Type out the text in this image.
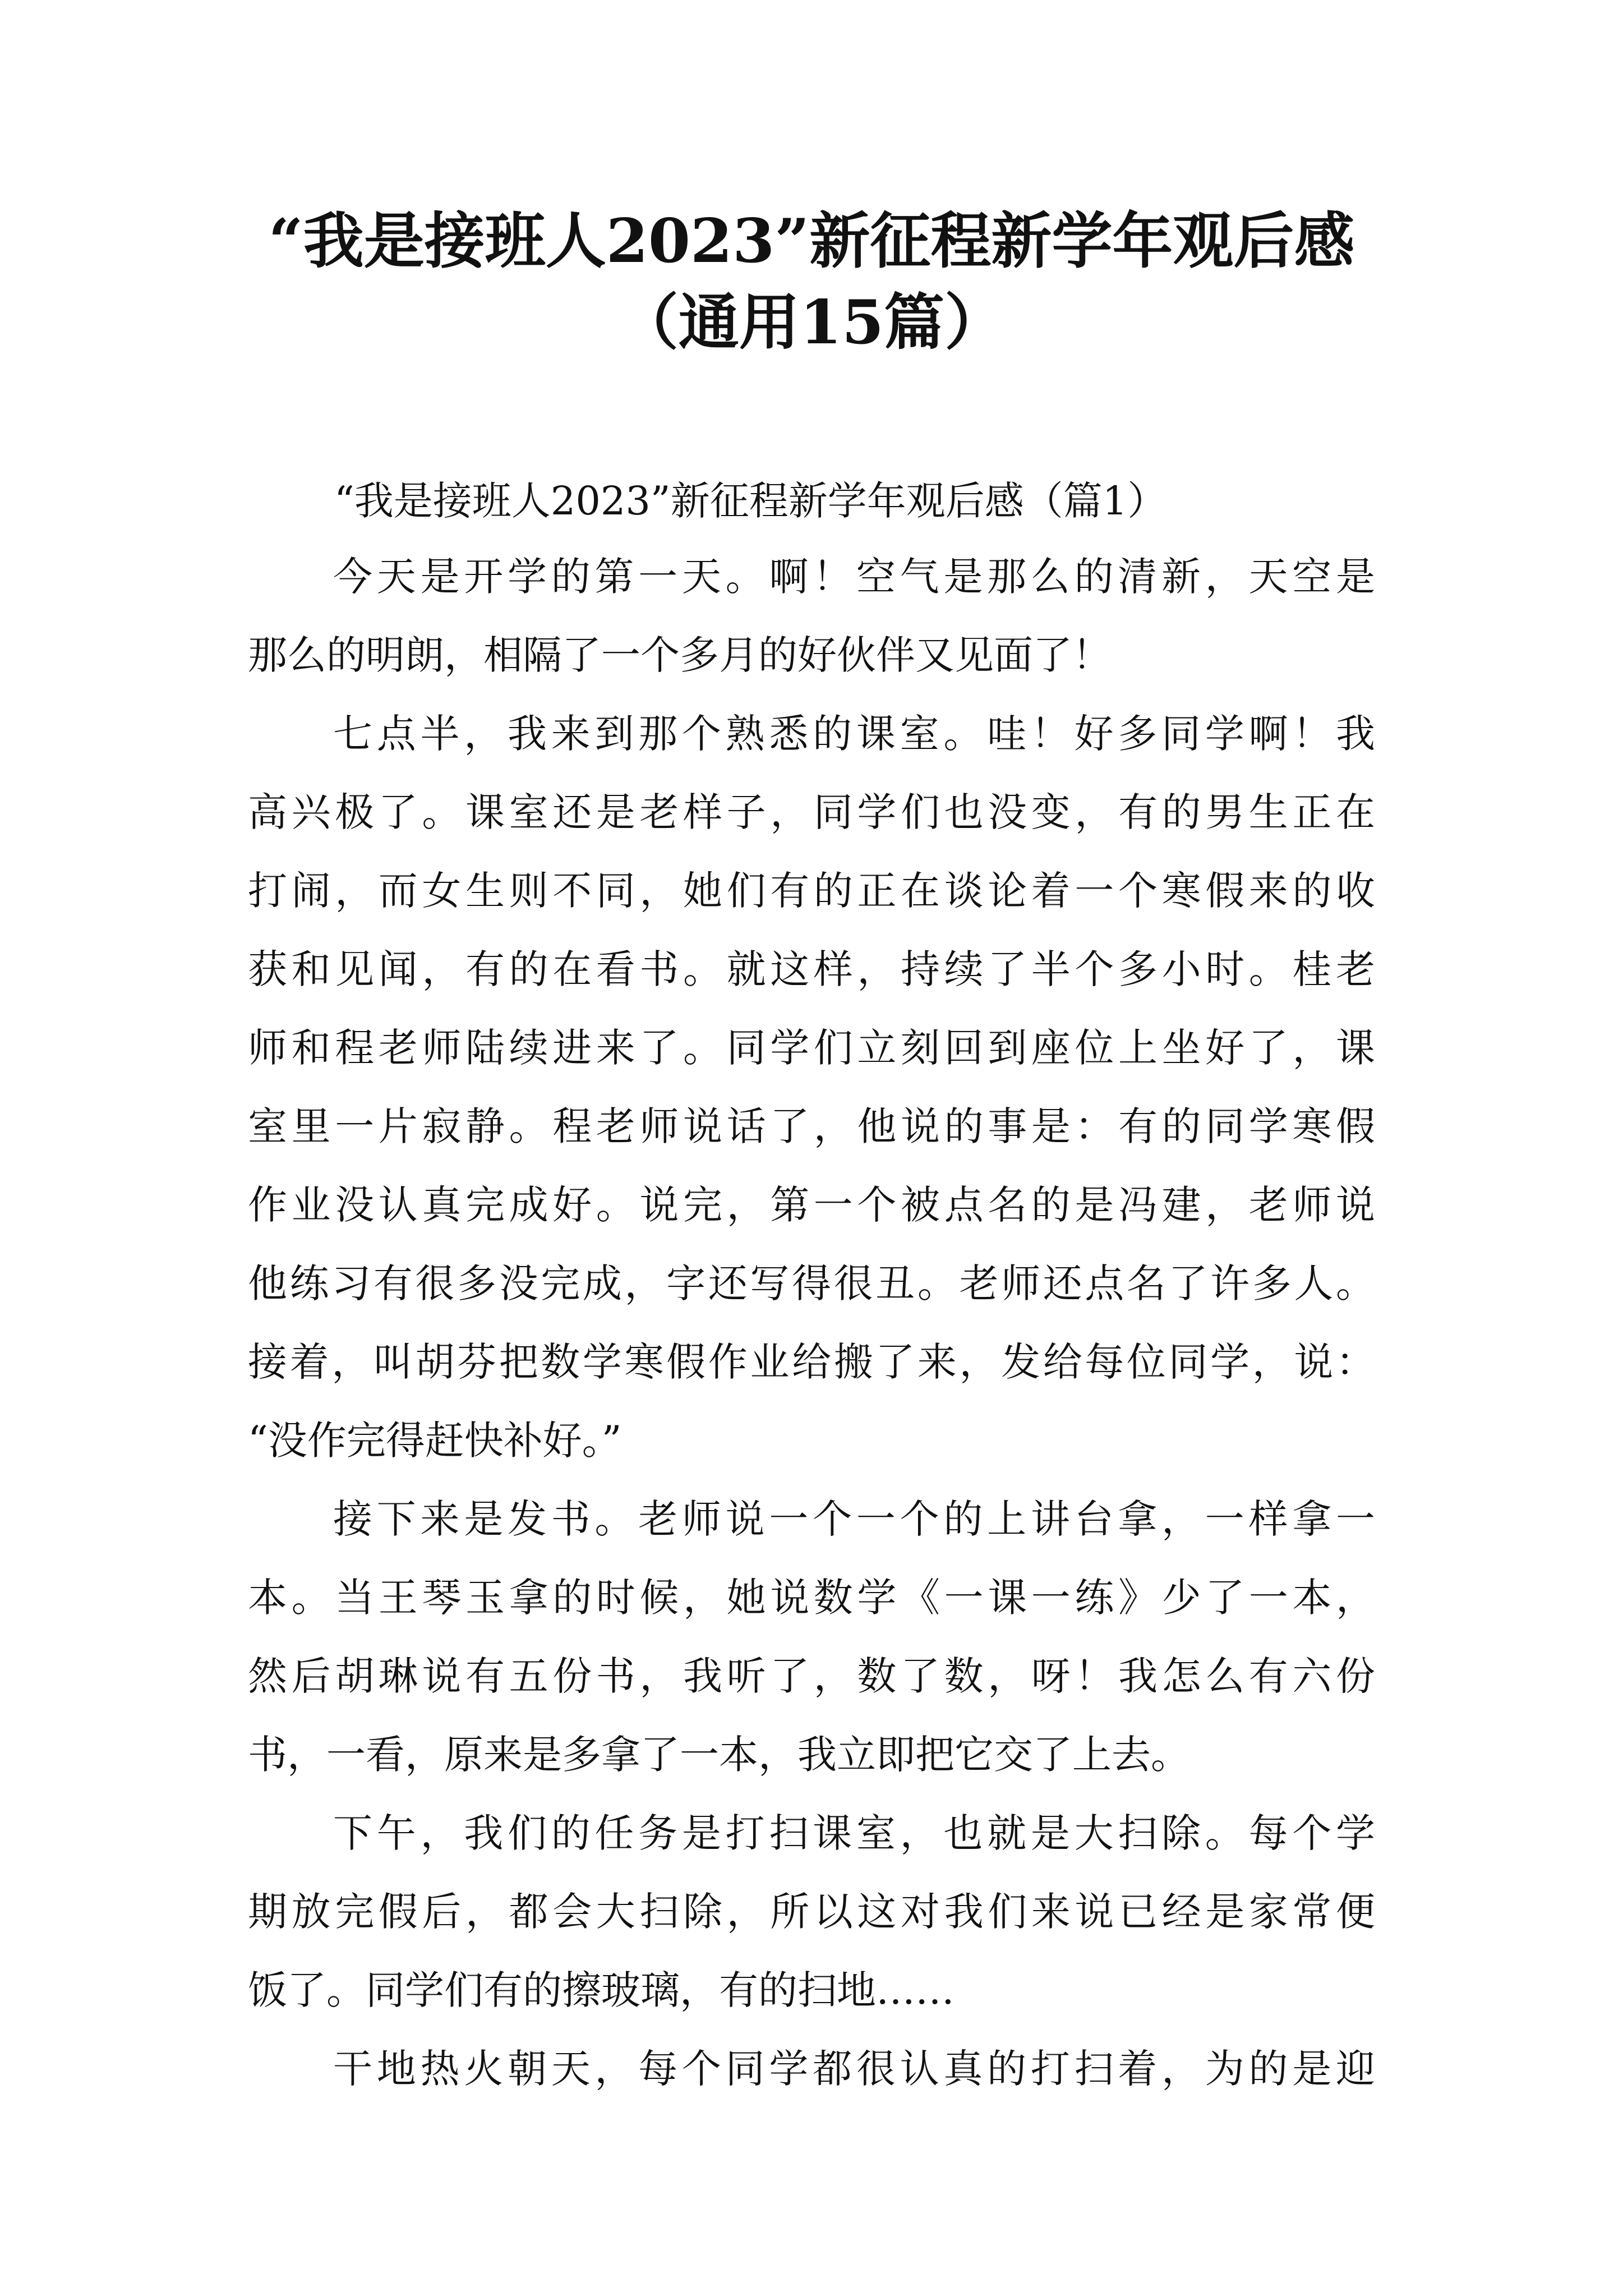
“我是接班人2023”新征程新学年观后感
（通用15篇）
“我是接班人2023”新征程新学年观后感（篇1）
今天是开学的第一天。啊！空气是那么的清新，天空是
那么的明朗，相隔了一个多月的好伙伴又见面了！
七点半，我来到那个熟悉的课室。哇！好多同学啊！我
高兴极了。课室还是老样子，同学们也没变，有的男生正在
打闹，而女生则不同，她们有的正在谈论着一个寒假来的收
获和见闻，有的在看书。就这样，持续了半个多小时。桂老
师和程老师陆续进来了。同学们立刻回到座位上坐好了，课
室里一片寂静。程老师说话了，他说的事是：有的同学寒假
作业没认真完成好。说完，第一个被点名的是冯建，老师说
他练习有很多没完成，字还写得很丑。老师还点名了许多人。
接着，叫胡芬把数学寒假作业给搬了来，发给每位同学，说：
“没作完得赶快补好。”
接下来是发书。老师说一个一个的上讲台拿，一样拿一
本。当王琴玉拿的时候，她说数学《一课一练》少了一本，
然后胡琳说有五份书，我听了，数了数，呀！我怎么有六份
书，一看，原来是多拿了一本，我立即把它交了上去。
下午，我们的任务是打扫课室，也就是大扫除。每个学
期放完假后，都会大扫除，所以这对我们来说已经是家常便
饭了。同学们有的擦玻璃，有的扫地……
干地热火朝天，每个同学都很认真的打扫着，为的是迎
